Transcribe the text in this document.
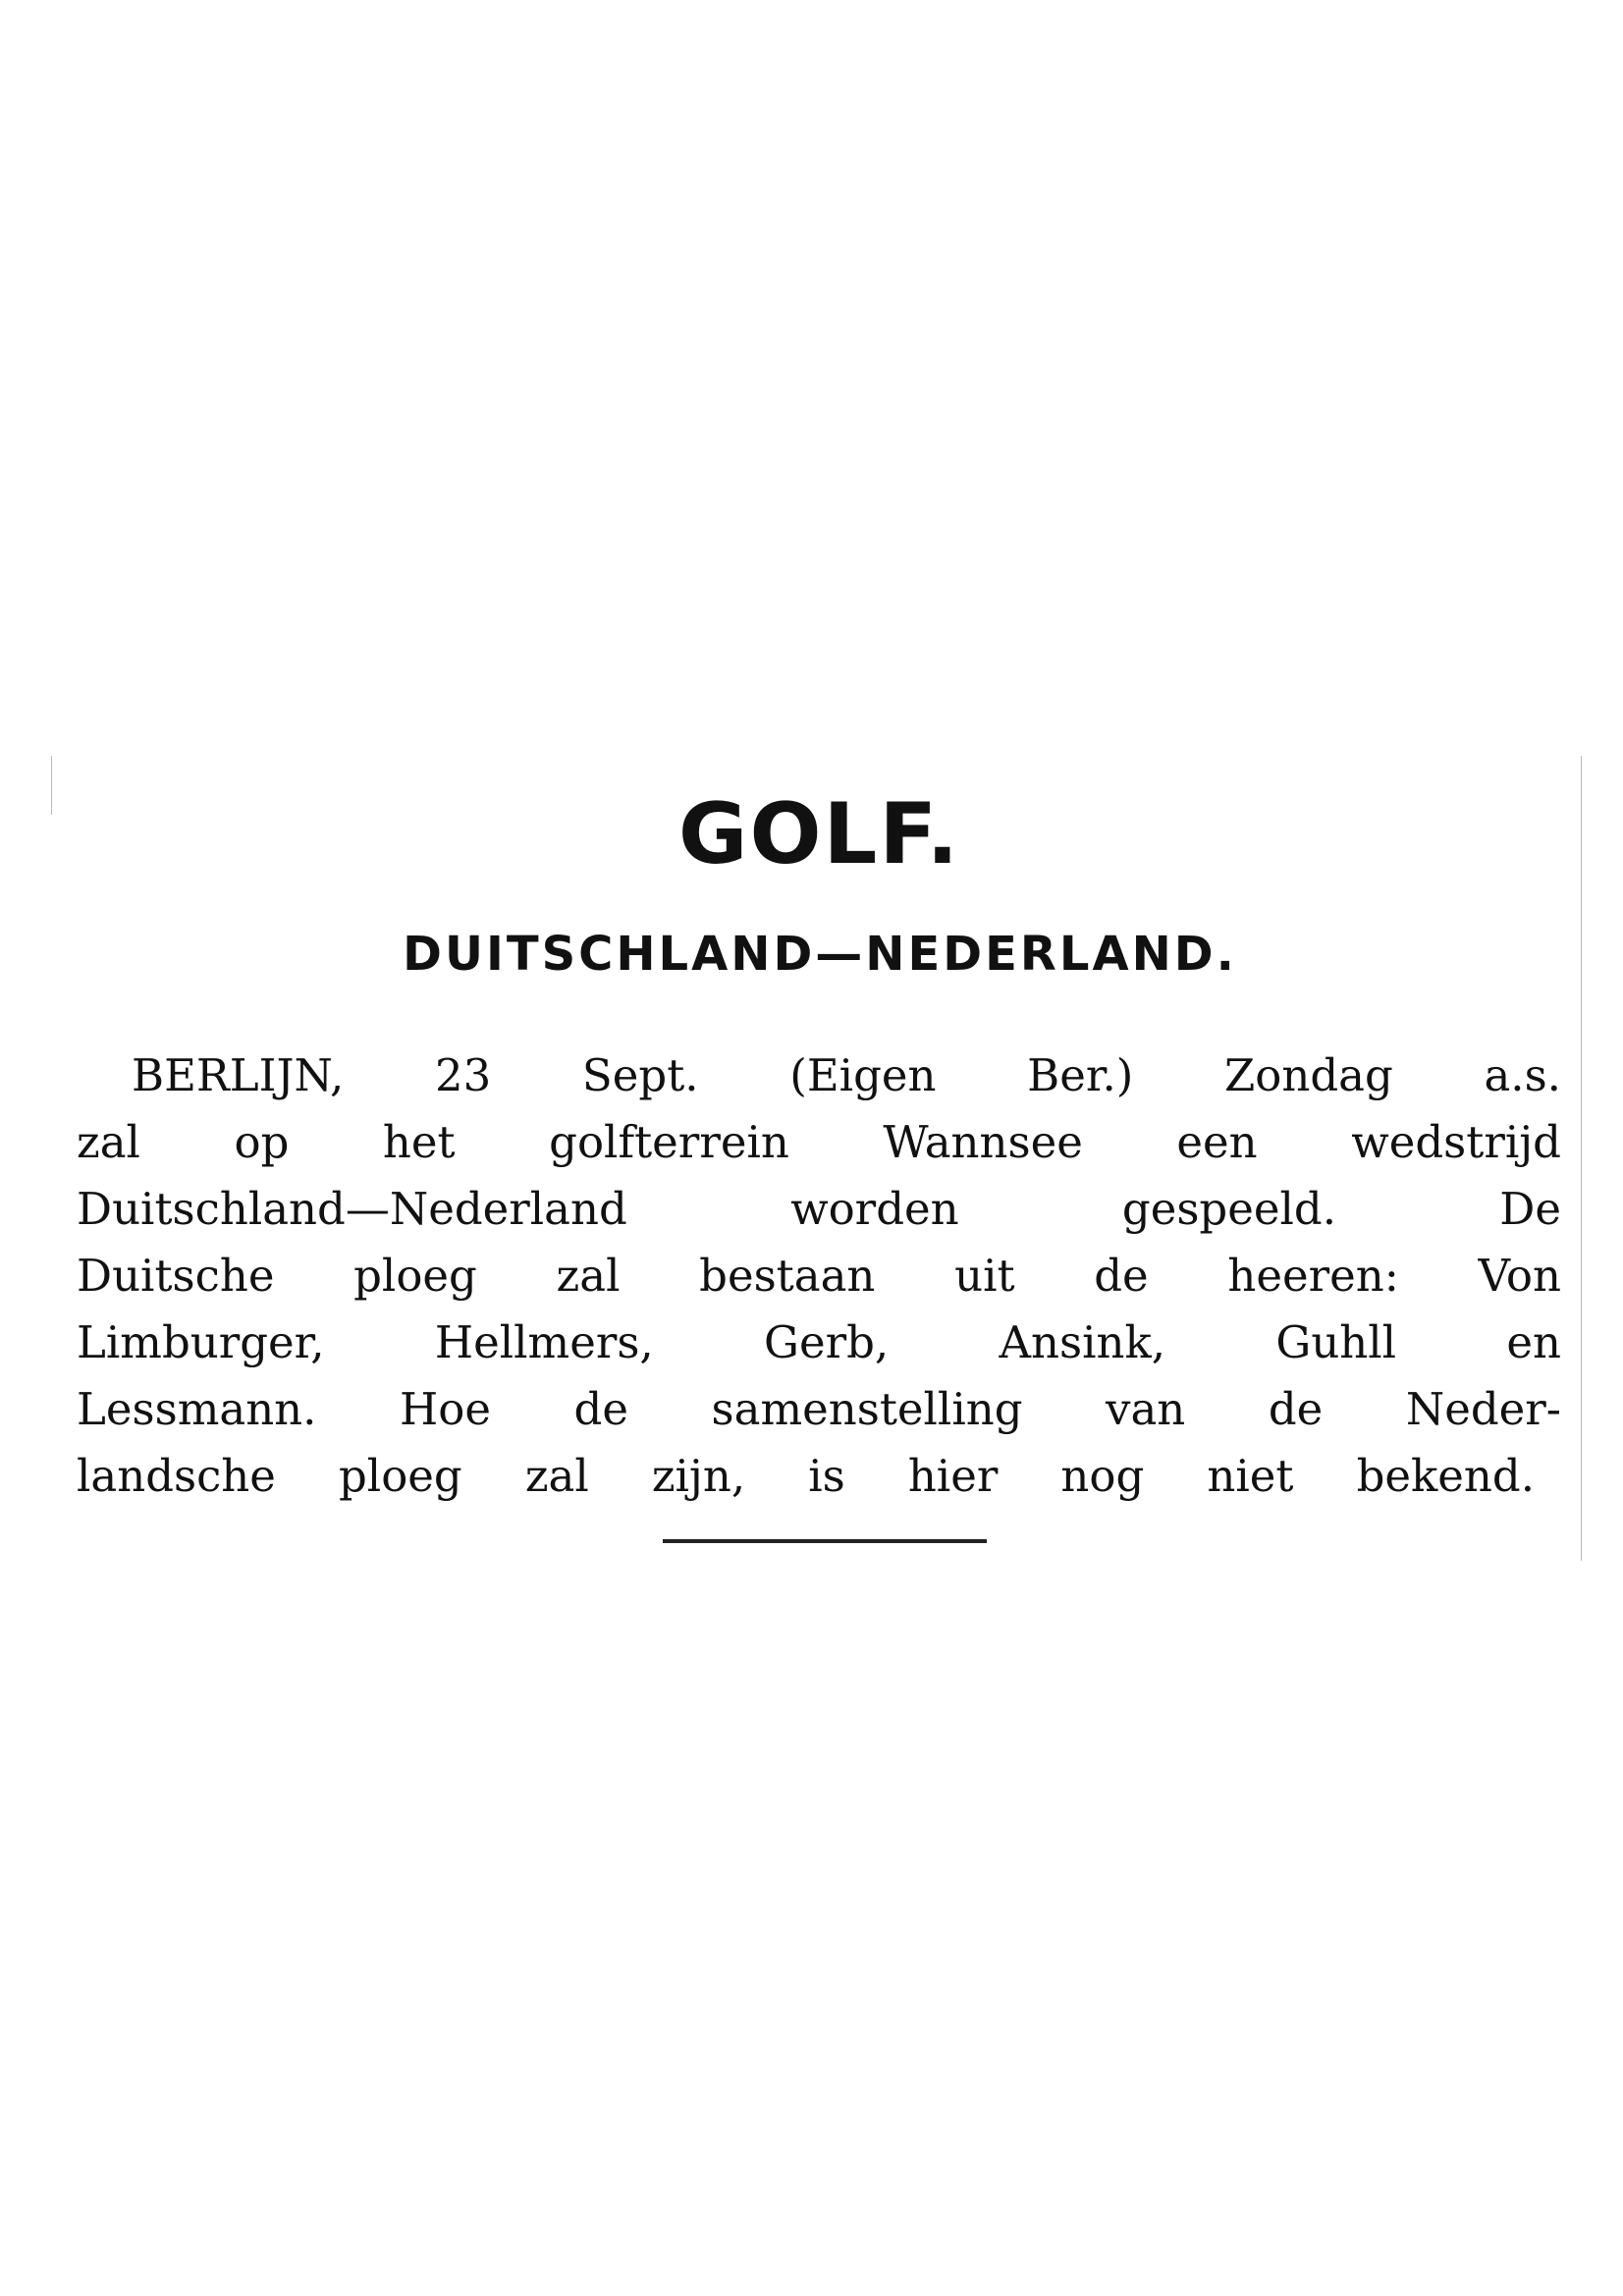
GOLF.
DUITSCHLAND—NEDERLAND.
BERLIJN, 23 Sept. (Eigen Ber.) Zondag a.s.
zal op het golfterrein Wannsee een wedstrijd
Duitschland—Nederland worden gespeeld. De
Duitsche ploeg zal bestaan uit de heeren: Von
Limburger, Hellmers, Gerb, Ansink, Guhll en
Lessmann. Hoe de samenstelling van de Neder-
landsche ploeg zal zijn, is hier nog niet bekend.
